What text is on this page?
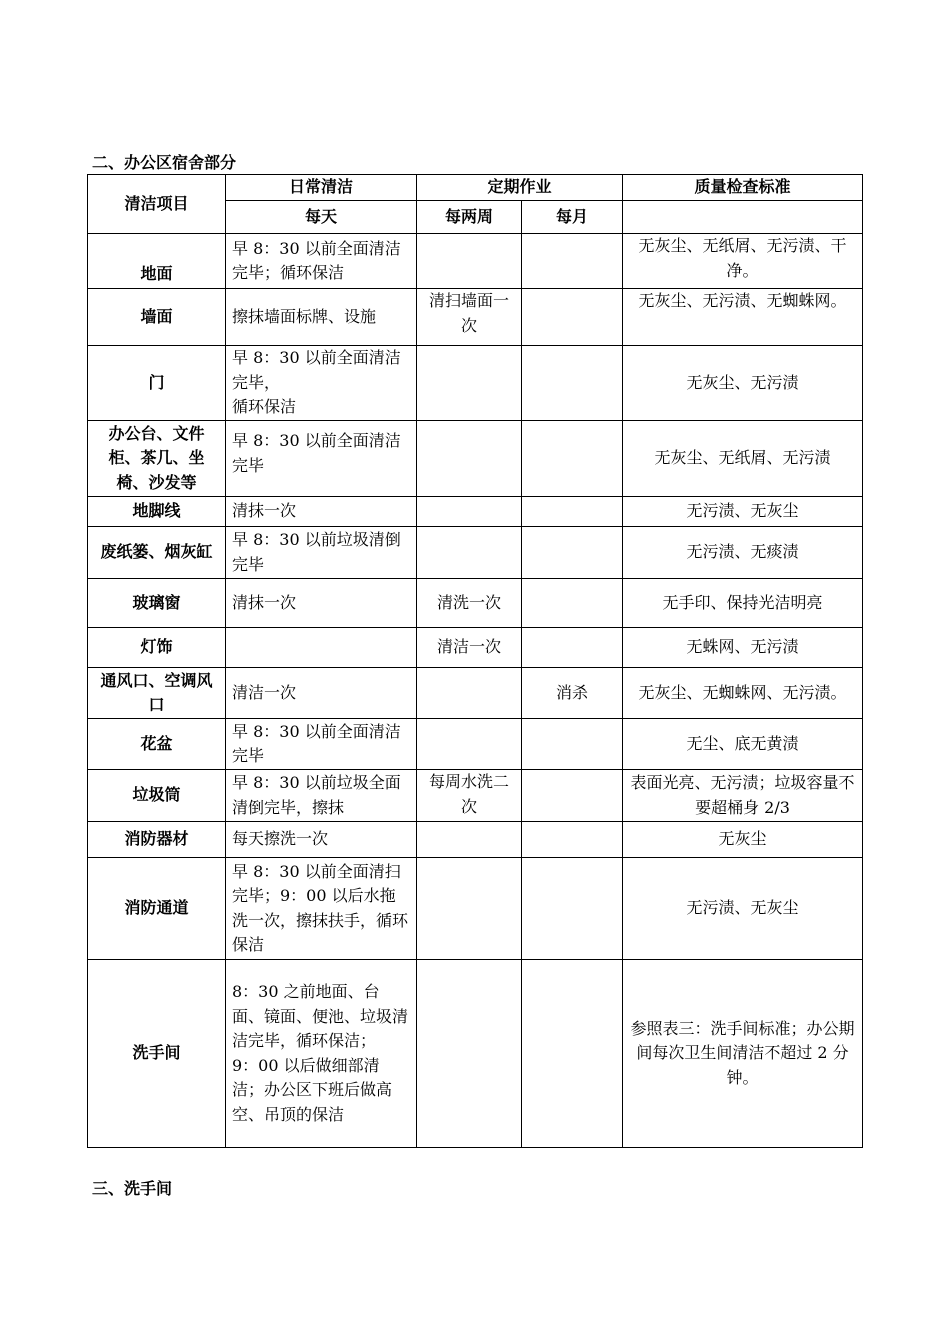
二、办公区宿舍部分
清洁项目	日常清洁	定期作业		质量检查标准
	每天	每两周	每月	
地面	早 8：30 以前全面清洁完毕；循环保洁			无灰尘、无纸屑、无污渍、干净。
墙面	擦抹墙面标牌、设施	清扫墙面一次		无灰尘、无污渍、无蜘蛛网。
门	早 8：30 以前全面清洁完毕，
循环保洁			无灰尘、无污渍
办公台、文件柜、茶几、坐椅、沙发等	早 8：30 以前全面清洁完毕			无灰尘、无纸屑、无污渍
地脚线	清抹一次			无污渍、无灰尘
废纸篓、烟灰缸	早 8：30 以前垃圾清倒完毕			无污渍、无痰渍
玻璃窗	清抹一次	清洗一次		无手印、保持光洁明亮
灯饰		清洁一次		无蛛网、无污渍
通风口、空调风口	清洁一次		消杀	无灰尘、无蜘蛛网、无污渍。
花盆	早 8：30 以前全面清洁完毕			无尘、底无黄渍
垃圾筒	早 8：30 以前垃圾全面清倒完毕，擦抹	每周水洗二次		表面光亮、无污渍；垃圾容量不要超桶身 2/3
消防器材	每天擦洗一次			无灰尘
消防通道	早 8：30 以前全面清扫完毕；9：00 以后水拖洗一次，擦抹扶手，循环保洁			无污渍、无灰尘
洗手间	8：30 之前地面、台面、镜面、便池、垃圾清洁完毕，循环保洁；
9：00 以后做细部清洁；办公区下班后做高空、吊顶的保洁			参照表三：洗手间标准；办公期间每次卫生间清洁不超过 2 分钟。
三、洗手间
